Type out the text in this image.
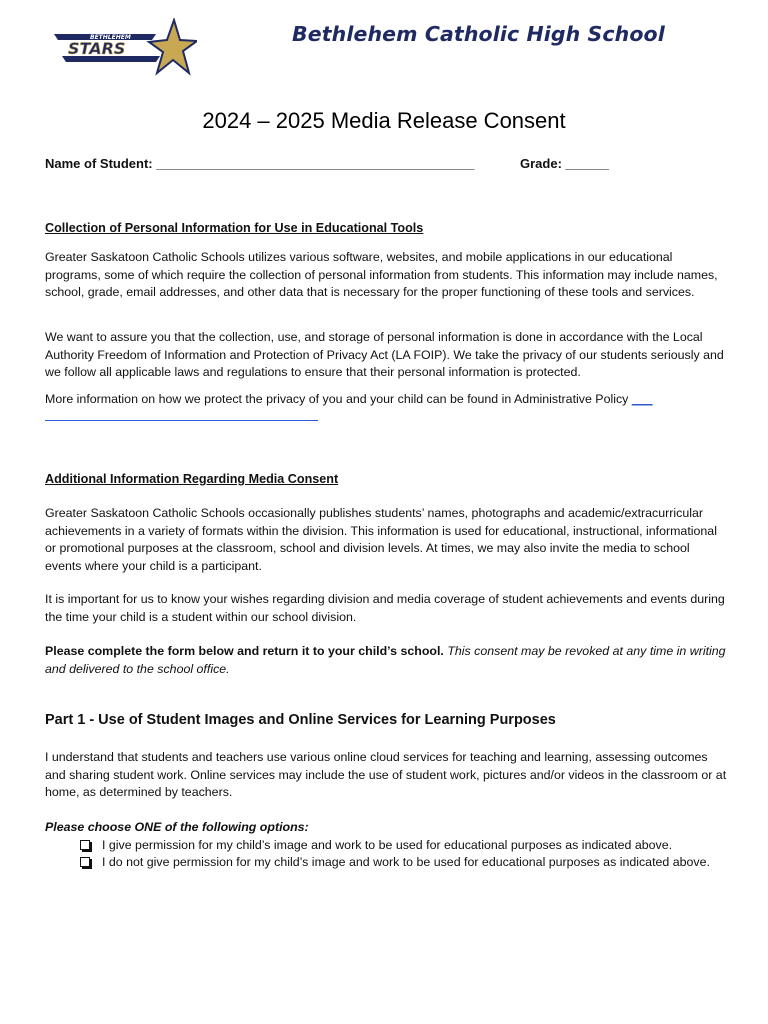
BETHLEHEM
STARS
Bethlehem Catholic High School
2024 – 2025 Media Release Consent
Name of Student: ____________________________________________	Grade: ______
Collection of Personal Information for Use in Educational Tools
Greater Saskatoon Catholic Schools utilizes various software, websites, and mobile applications in our educational programs, some of which require the collection of personal information from students. This information may include names, school, grade, email addresses, and other data that is necessary for the proper functioning of these tools and services.
We want to assure you that the collection, use, and storage of personal information is done in accordance with the Local Authority Freedom of Information and Protection of Privacy Act (LA FOIP). We take the privacy of our students seriously and we follow all applicable laws and regulations to ensure that their personal information is protected.
More information on how we protect the privacy of you and your child can be found in Administrative Policy ___
Additional Information Regarding Media Consent
Greater Saskatoon Catholic Schools occasionally publishes students’ names, photographs and academic/extracurricular achievements in a variety of formats within the division. This information is used for educational, instructional, informational or promotional purposes at the classroom, school and division levels. At times, we may also invite the media to school events where your child is a participant.
It is important for us to know your wishes regarding division and media coverage of student achievements and events during the time your child is a student within our school division.
Please complete the form below and return it to your child’s school. This consent may be revoked at any time in writing and delivered to the school office.
Part 1 - Use of Student Images and Online Services for Learning Purposes
I understand that students and teachers use various online cloud services for teaching and learning, assessing outcomes and sharing student work. Online services may include the use of student work, pictures and/or videos in the classroom or at home, as determined by teachers.
Please choose ONE of the following options:
I give permission for my child’s image and work to be used for educational purposes as indicated above.
I do not give permission for my child’s image and work to be used for educational purposes as indicated above.
